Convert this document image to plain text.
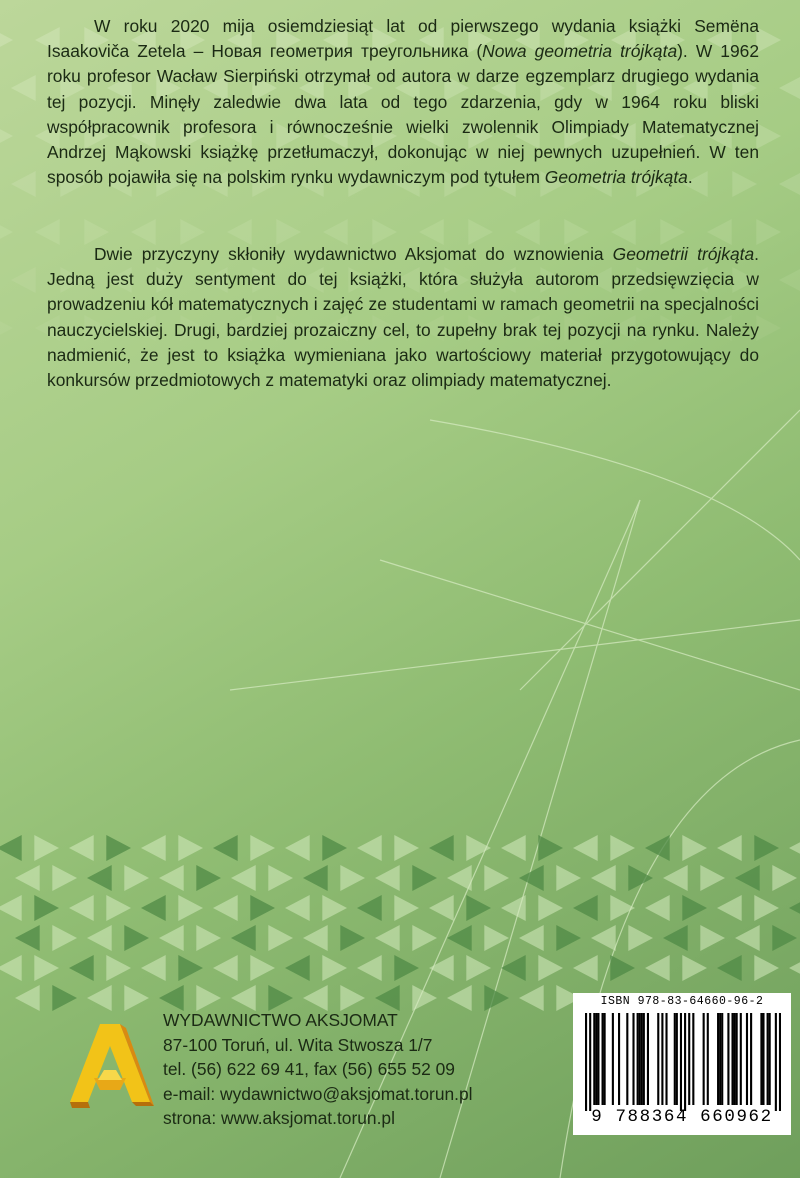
W roku 2020 mija osiemdziesiąt lat od pierwszego wydania książki Semëna Isaakoviča Zetela – Новая геометрия треугольника (Nowa geometria trójkąta). W 1962 roku profesor Wacław Sierpiński otrzymał od autora w darze egzemplarz drugiego wydania tej pozycji. Minęły zaledwie dwa lata od tego zdarzenia, gdy w 1964 roku bliski współpracownik profesora i równocześnie wielki zwolennik Olimpiady Matematycznej Andrzej Mąkowski książkę przetłumaczył, dokonując w niej pewnych uzupełnień. W ten sposób pojawiła się na polskim rynku wydawniczym pod tytułem Geometria trójkąta.

Dwie przyczyny skłoniły wydawnictwo Aksjomat do wznowienia Geometrii trójkąta. Jedną jest duży sentyment do tej książki, która służyła autorom przedsięwzięcia w prowadzeniu kół matematycznych i zajęć ze studentami w ramach geometrii na specjalności nauczycielskiej. Drugi, bardziej prozaiczny cel, to zupełny brak tej pozycji na rynku. Należy nadmienić, że jest to książka wymieniana jako wartościowy materiał przygotowujący do konkursów przedmiotowych z matematyki oraz olimpiady matematycznej.

WYDAWNICTWO AKSJOMAT
87-100 Toruń, ul. Wita Stwosza 1/7
tel. (56) 622 69 41, fax (56) 655 52 09
e-mail: wydawnictwo@aksjomat.torun.pl
strona: www.aksjomat.torun.pl
ISBN 978-83-64660-96-2
9 788364 660962
